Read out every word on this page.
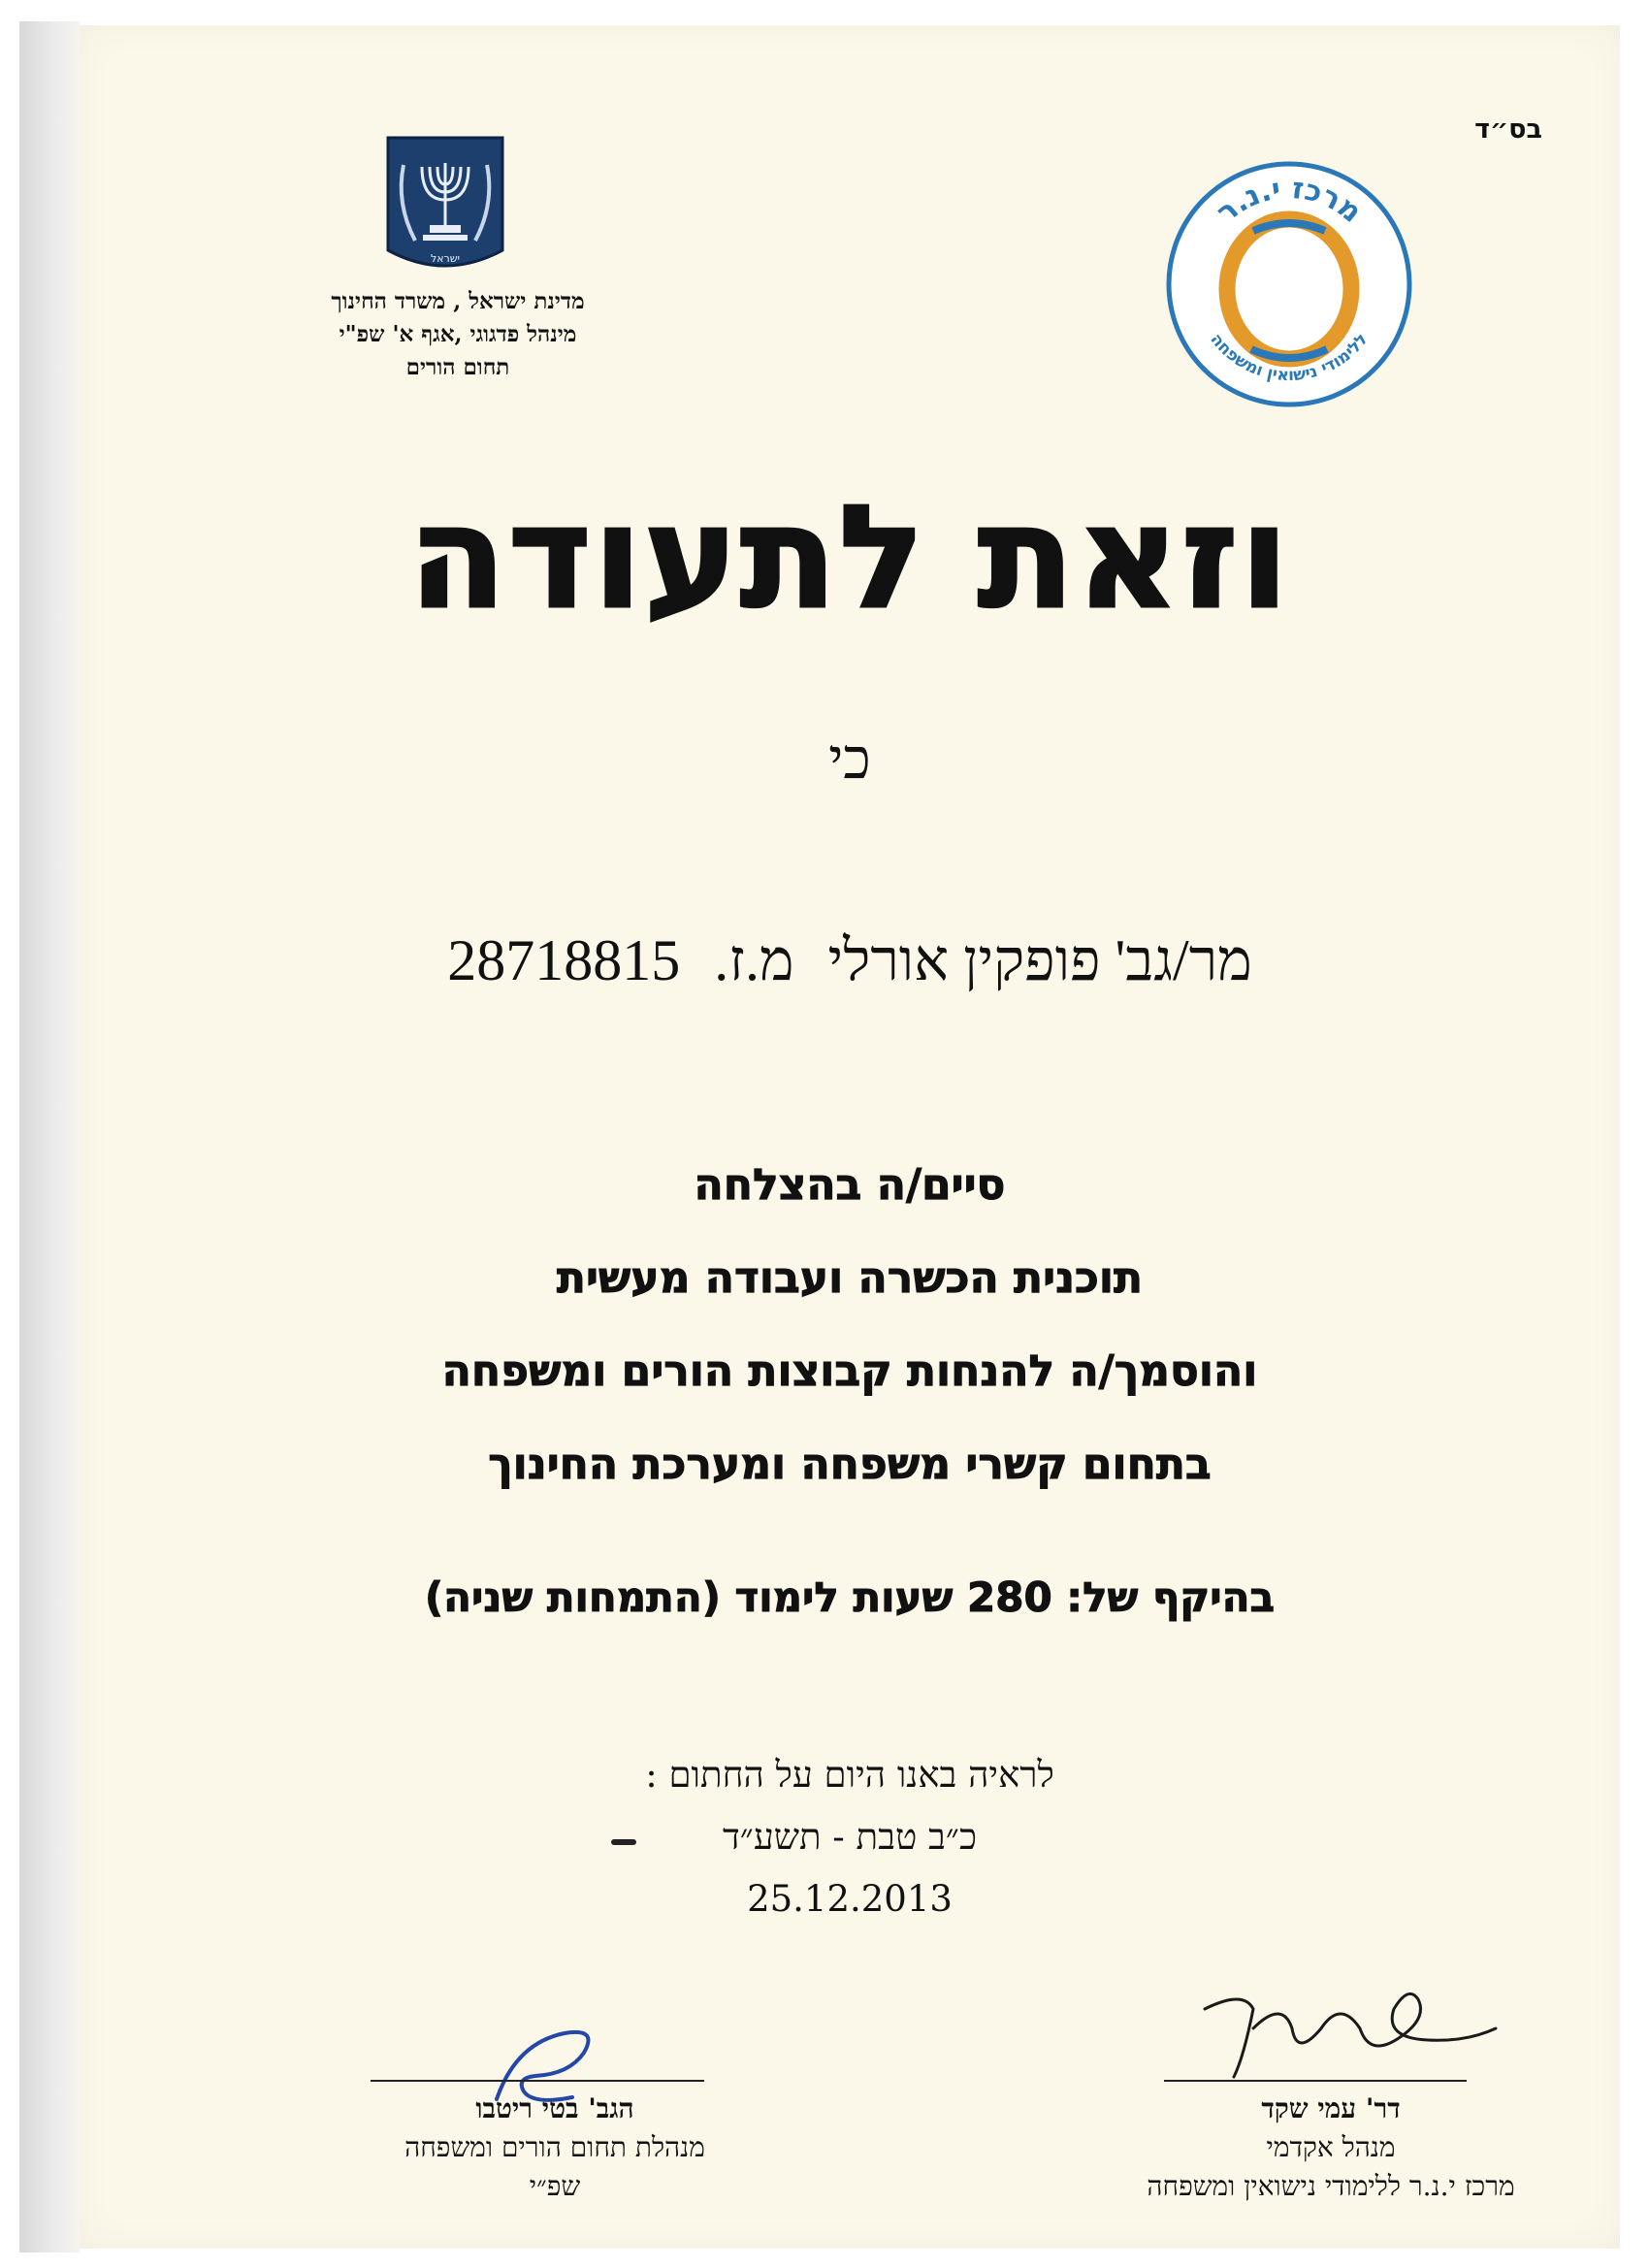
בס״ד
ישראל
מדינת ישראל , משרד החינוך
מינהל פדגוגי ,אגף א' שפ"י
תחום הורים
מרכז י.נ.ר
ללימודי נישואין ומשפחה
וזאת לתעודה
כי
מר/גב' פופקין אורלי מ.ז. 28718815
סיים/ה בהצלחה
תוכנית הכשרה ועבודה מעשית
והוסמך/ה להנחות קבוצות הורים ומשפחה
בתחום קשרי משפחה ומערכת החינוך
בהיקף של: 280 שעות לימוד (התמחות שניה)
לראיה באנו היום על החתום :
כ״ב טבת - תשע״ד
25.12.2013
הגב' בטי ריטבו
מנהלת תחום הורים ומשפחה
שפ״י
דר' עמי שקד
מנהל אקדמי
מרכז י.נ.ר ללימודי נישואין ומשפחה
